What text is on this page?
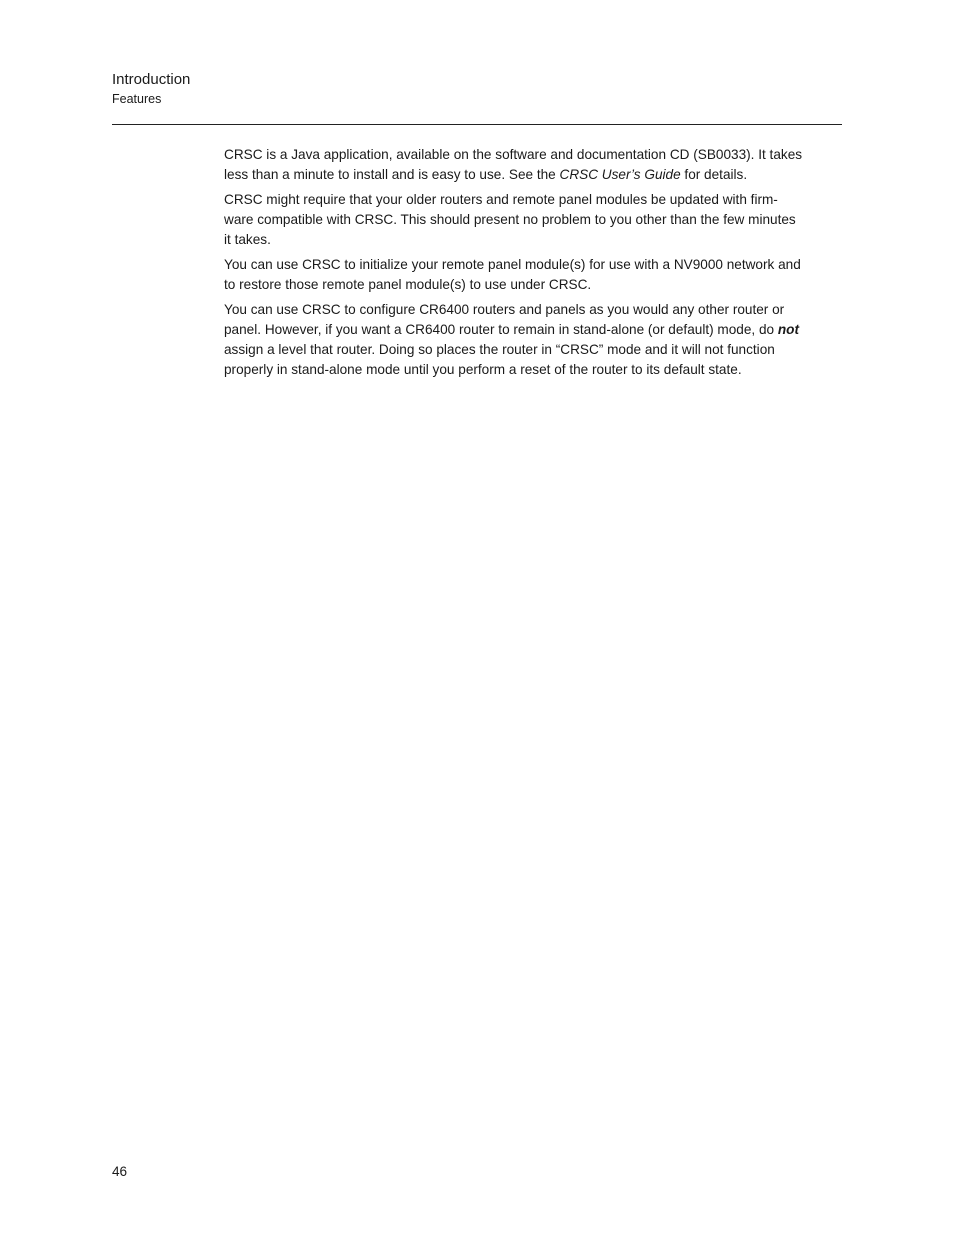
Introduction
Features

CRSC is a Java application, available on the software and documentation CD (SB0033). It takes
less than a minute to install and is easy to use. See the CRSC User’s Guide for details.

CRSC might require that your older routers and remote panel modules be updated with firm-
ware compatible with CRSC. This should present no problem to you other than the few minutes
it takes.

You can use CRSC to initialize your remote panel module(s) for use with a NV9000 network and
to restore those remote panel module(s) to use under CRSC.

You can use CRSC to configure CR6400 routers and panels as you would any other router or
panel. However, if you want a CR6400 router to remain in stand-alone (or default) mode, do not
assign a level that router. Doing so places the router in “CRSC” mode and it will not function
properly in stand-alone mode until you perform a reset of the router to its default state.

46
